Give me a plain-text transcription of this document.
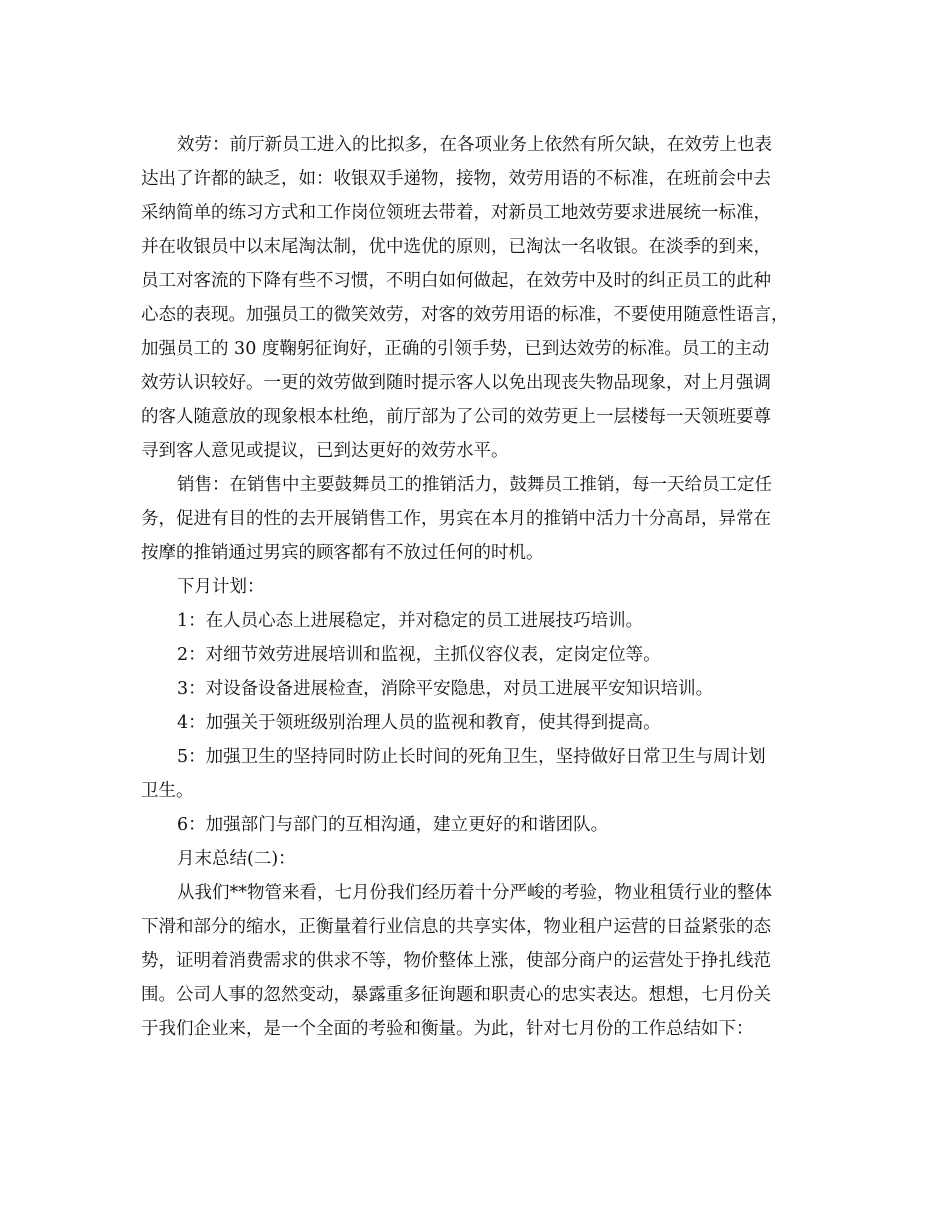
效劳：前厅新员工进入的比拟多，在各项业务上依然有所欠缺，在效劳上也表
达出了许都的缺乏，如：收银双手递物，接物，效劳用语的不标准，在班前会中去
采纳简单的练习方式和工作岗位领班去带着，对新员工地效劳要求进展统一标准，
并在收银员中以末尾淘汰制，优中选优的原则，已淘汰一名收银。在淡季的到来，
员工对客流的下降有些不习惯，不明白如何做起，在效劳中及时的纠正员工的此种
心态的表现。加强员工的微笑效劳，对客的效劳用语的标准，不要使用随意性语言，
加强员工的 30 度鞠躬征询好，正确的引领手势，已到达效劳的标准。员工的主动
效劳认识较好。一更的效劳做到随时提示客人以免出现丧失物品现象，对上月强调
的客人随意放的现象根本杜绝，前厅部为了公司的效劳更上一层楼每一天领班要尊
寻到客人意见或提议，已到达更好的效劳水平。
销售：在销售中主要鼓舞员工的推销活力，鼓舞员工推销，每一天给员工定任
务，促进有目的性的去开展销售工作，男宾在本月的推销中活力十分高昂，异常在
按摩的推销通过男宾的顾客都有不放过任何的时机。
下月计划：
1：在人员心态上进展稳定，并对稳定的员工进展技巧培训。
2：对细节效劳进展培训和监视，主抓仪容仪表，定岗定位等。
3：对设备设备进展检查，消除平安隐患，对员工进展平安知识培训。
4：加强关于领班级别治理人员的监视和教育，使其得到提高。
5：加强卫生的坚持同时防止长时间的死角卫生，坚持做好日常卫生与周计划
卫生。
6：加强部门与部门的互相沟通，建立更好的和谐团队。
月末总结(二)：
从我们**物管来看，七月份我们经历着十分严峻的考验，物业租赁行业的整体
下滑和部分的缩水，正衡量着行业信息的共享实体，物业租户运营的日益紧张的态
势，证明着消费需求的供求不等，物价整体上涨，使部分商户的运营处于挣扎线范
围。公司人事的忽然变动，暴露重多征询题和职责心的忠实表达。想想，七月份关
于我们企业来，是一个全面的考验和衡量。为此，针对七月份的工作总结如下：
